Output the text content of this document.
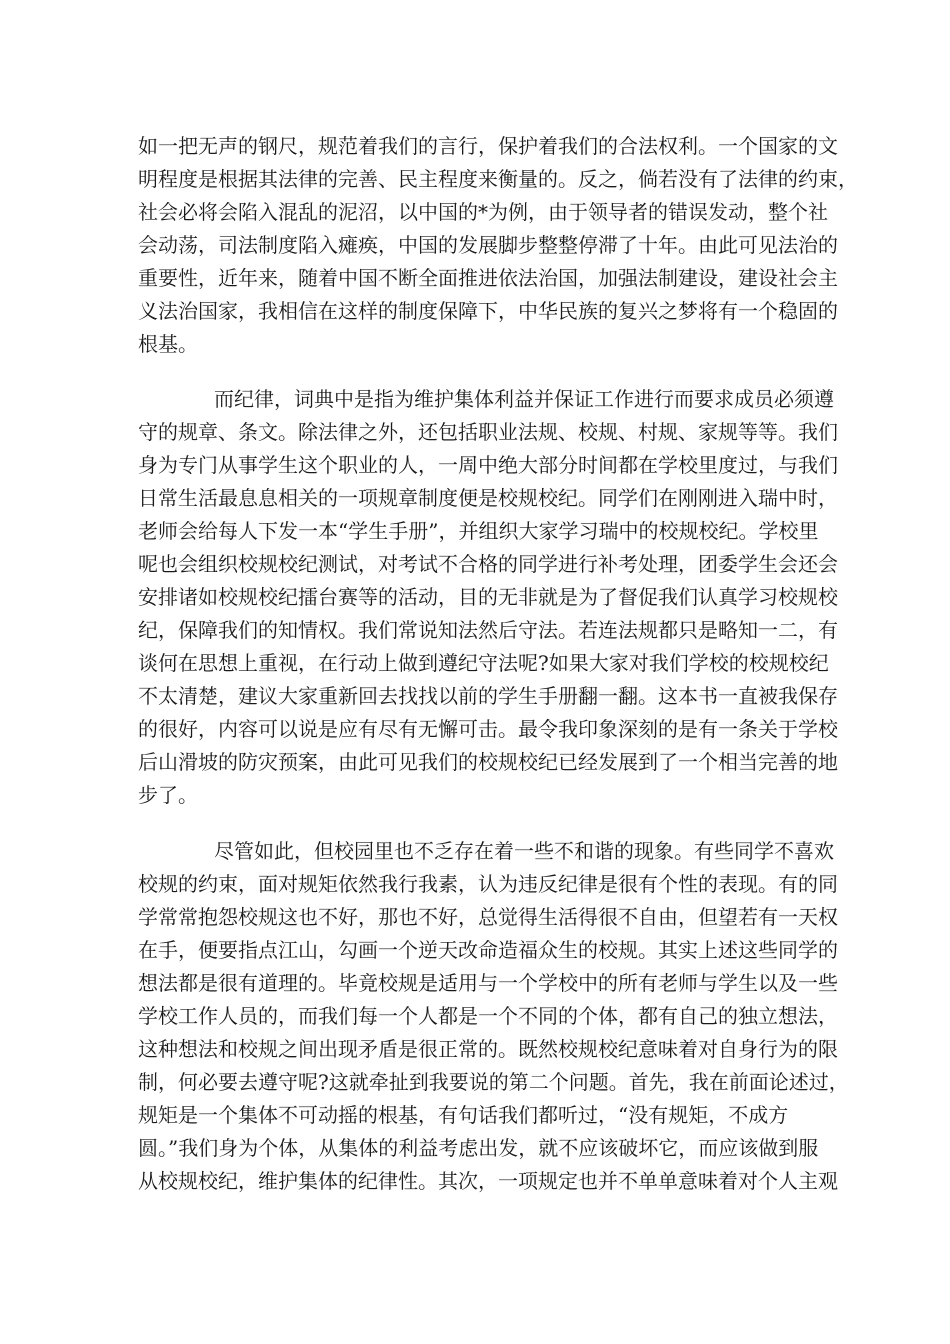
如一把无声的钢尺，规范着我们的言行，保护着我们的合法权利。一个国家的文
明程度是根据其法律的完善、民主程度来衡量的。反之，倘若没有了法律的约束，
社会必将会陷入混乱的泥沼，以中国的*为例，由于领导者的错误发动，整个社
会动荡，司法制度陷入瘫痪，中国的发展脚步整整停滞了十年。由此可见法治的
重要性，近年来，随着中国不断全面推进依法治国，加强法制建设，建设社会主
义法治国家，我相信在这样的制度保障下，中华民族的复兴之梦将有一个稳固的
根基。
而纪律，词典中是指为维护集体利益并保证工作进行而要求成员必须遵
守的规章、条文。除法律之外，还包括职业法规、校规、村规、家规等等。我们
身为专门从事学生这个职业的人，一周中绝大部分时间都在学校里度过，与我们
日常生活最息息相关的一项规章制度便是校规校纪。同学们在刚刚进入瑞中时，
老师会给每人下发一本“学生手册”，并组织大家学习瑞中的校规校纪。学校里
呢也会组织校规校纪测试，对考试不合格的同学进行补考处理，团委学生会还会
安排诸如校规校纪擂台赛等的活动，目的无非就是为了督促我们认真学习校规校
纪，保障我们的知情权。我们常说知法然后守法。若连法规都只是略知一二，有
谈何在思想上重视，在行动上做到遵纪守法呢?如果大家对我们学校的校规校纪
不太清楚，建议大家重新回去找找以前的学生手册翻一翻。这本书一直被我保存
的很好，内容可以说是应有尽有无懈可击。最令我印象深刻的是有一条关于学校
后山滑坡的防灾预案，由此可见我们的校规校纪已经发展到了一个相当完善的地
步了。
尽管如此，但校园里也不乏存在着一些不和谐的现象。有些同学不喜欢
校规的约束，面对规矩依然我行我素，认为违反纪律是很有个性的表现。有的同
学常常抱怨校规这也不好，那也不好，总觉得生活得很不自由，但望若有一天权
在手，便要指点江山，勾画一个逆天改命造福众生的校规。其实上述这些同学的
想法都是很有道理的。毕竟校规是适用与一个学校中的所有老师与学生以及一些
学校工作人员的，而我们每一个人都是一个不同的个体，都有自己的独立想法，
这种想法和校规之间出现矛盾是很正常的。既然校规校纪意味着对自身行为的限
制，何必要去遵守呢?这就牵扯到我要说的第二个问题。首先，我在前面论述过，
规矩是一个集体不可动摇的根基，有句话我们都听过，“没有规矩，不成方
圆。”我们身为个体，从集体的利益考虑出发，就不应该破坏它，而应该做到服
从校规校纪，维护集体的纪律性。其次，一项规定也并不单单意味着对个人主观
